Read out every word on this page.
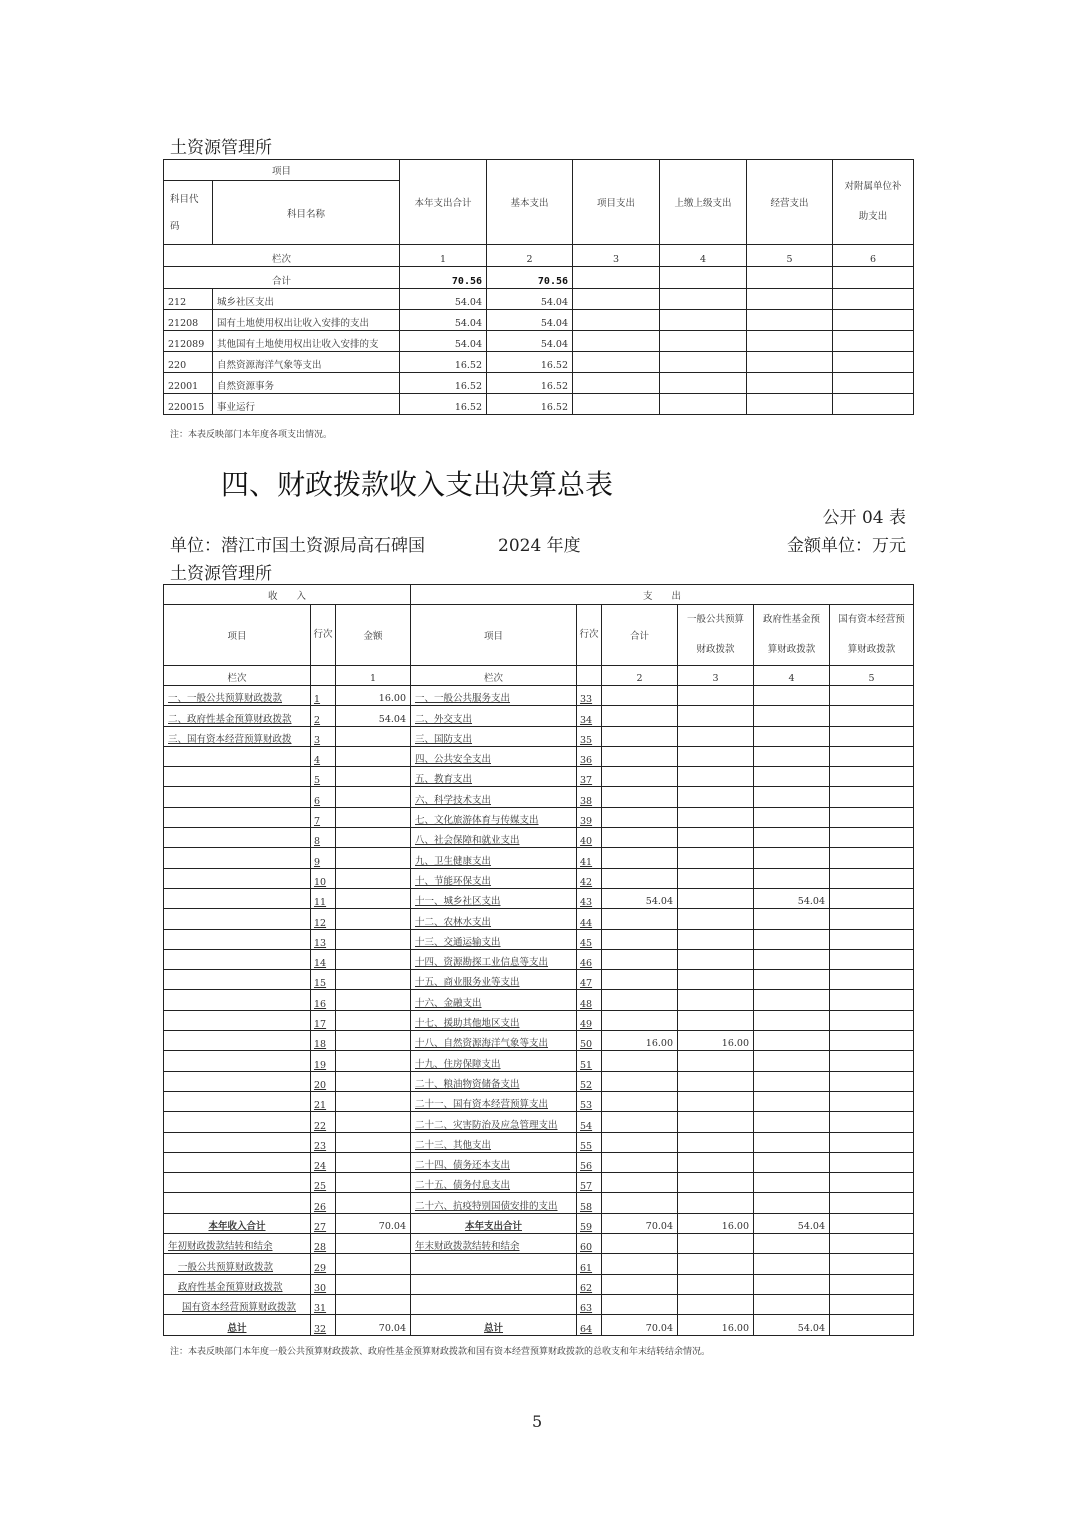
土资源管理所
项目		本年支出合计	基本支出	项目支出	上缴上级支出	经营支出	对附属单位补助支出
科目代码	科目名称						
栏次		1	2	3	4	5	6
合计		70.56	70.56				
212	城乡社区支出	54.04	54.04				
21208	国有土地使用权出让收入安排的支出	54.04	54.04				
212089	其他国有土地使用权出让收入安排的支	54.04	54.04				
220	自然资源海洋气象等支出	16.52	16.52				
22001	自然资源事务	16.52	16.52				
220015	事业运行	16.52	16.52				
注：本表反映部门本年度各项支出情况。
四、财政拨款收入支出决算总表
公开 04 表
单位：潜江市国土资源局高石碑国	2024 年度	金额单位：万元
土资源管理所
收　　入			支　　出					
项目	行次	金额	项目	行次	合计	一般公共预算财政拨款	政府性基金预算财政拨款	国有资本经营预算财政拨款
栏次		1	栏次		2	3	4	5
一、一般公共预算财政拨款	1	16.00	一、一般公共服务支出	33				
二、政府性基金预算财政拨款	2	54.04	二、外交支出	34				
三、国有资本经营预算财政拨	3		三、国防支出	35				
	4		四、公共安全支出	36				
	5		五、教育支出	37				
	6		六、科学技术支出	38				
	7		七、文化旅游体育与传媒支出	39				
	8		八、社会保障和就业支出	40				
	9		九、卫生健康支出	41				
	10		十、节能环保支出	42				
	11		十一、城乡社区支出	43	54.04		54.04	
	12		十二、农林水支出	44				
	13		十三、交通运输支出	45				
	14		十四、资源勘探工业信息等支出	46				
	15		十五、商业服务业等支出	47				
	16		十六、金融支出	48				
	17		十七、援助其他地区支出	49				
	18		十八、自然资源海洋气象等支出	50	16.00	16.00		
	19		十九、住房保障支出	51				
	20		二十、粮油物资储备支出	52				
	21		二十一、国有资本经营预算支出	53				
	22		二十二、灾害防治及应急管理支出	54				
	23		二十三、其他支出	55				
	24		二十四、债务还本支出	56				
	25		二十五、债务付息支出	57				
	26		二十六、抗疫特别国债安排的支出	58				
本年收入合计	27	70.04	本年支出合计	59	70.04	16.00	54.04	
年初财政拨款结转和结余	28		年末财政拨款结转和结余	60				
一般公共预算财政拨款	29			61				
政府性基金预算财政拨款	30			62				
国有资本经营预算财政拨款	31			63				
总计	32	70.04	总计	64	70.04	16.00	54.04	
注：本表反映部门本年度一般公共预算财政拨款、政府性基金预算财政拨款和国有资本经营预算财政拨款的总收支和年末结转结余情况。
5
